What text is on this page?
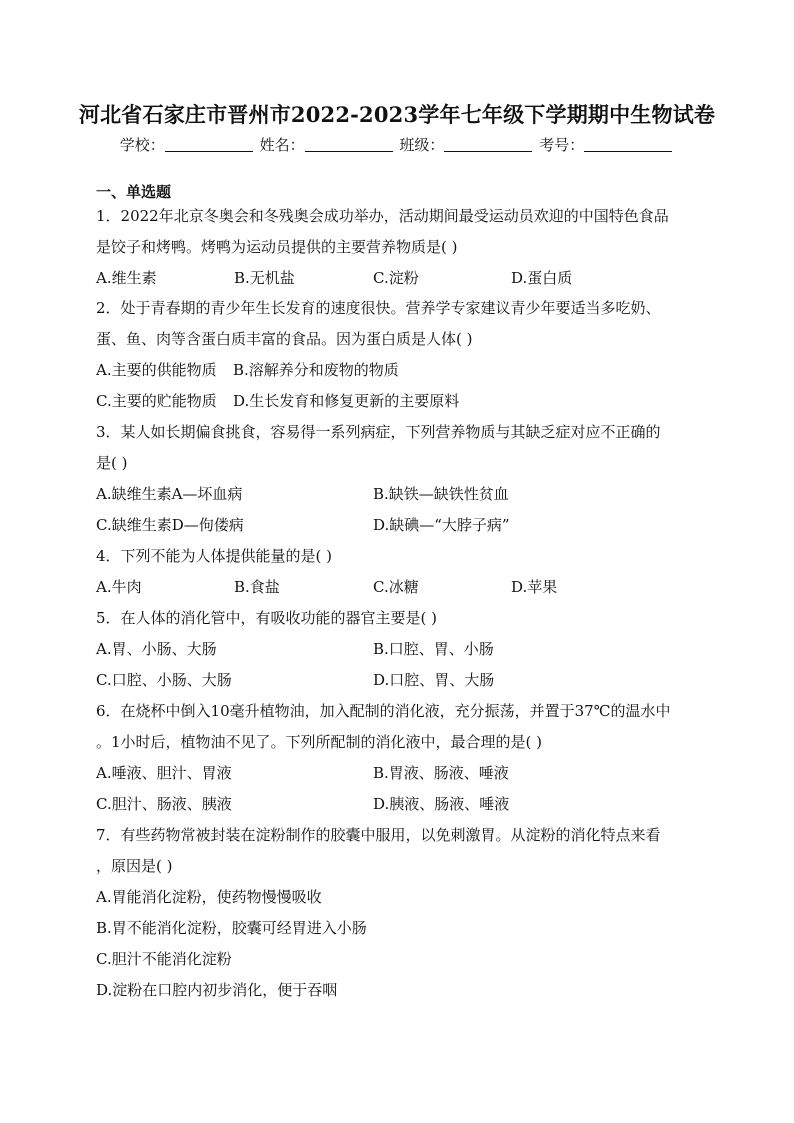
河北省石家庄市晋州市2022-2023学年七年级下学期期中生物试卷
学校：	姓名：	班级：	考号：
一、单选题
1．2022年北京冬奥会和冬残奥会成功举办，活动期间最受运动员欢迎的中国特色食品
是饺子和烤鸭。烤鸭为运动员提供的主要营养物质是( )
A.维生素	B.无机盐	C.淀粉	D.蛋白质
2．处于青春期的青少年生长发育的速度很快。营养学专家建议青少年要适当多吃奶、
蛋、鱼、肉等含蛋白质丰富的食品。因为蛋白质是人体( )
A.主要的供能物质 B.溶解养分和废物的物质
C.主要的贮能物质 D.生长发育和修复更新的主要原料
3．某人如长期偏食挑食，容易得一系列病症，下列营养物质与其缺乏症对应不正确的
是( )
A.缺维生素A—坏血病	B.缺铁—缺铁性贫血
C.缺维生素D—佝偻病	D.缺碘—“大脖子病”
4．下列不能为人体提供能量的是( )
A.牛肉	B.食盐	C.冰糖	D.苹果
5．在人体的消化管中，有吸收功能的器官主要是( )
A.胃、小肠、大肠	B.口腔、胃、小肠
C.口腔、小肠、大肠	D.口腔、胃、大肠
6．在烧杯中倒入10毫升植物油，加入配制的消化液，充分振荡，并置于37℃的温水中
。1小时后，植物油不见了。下列所配制的消化液中，最合理的是( )
A.唾液、胆汁、胃液	B.胃液、肠液、唾液
C.胆汁、肠液、胰液	D.胰液、肠液、唾液
7．有些药物常被封装在淀粉制作的胶囊中服用，以免刺激胃。从淀粉的消化特点来看
，原因是( )
A.胃能消化淀粉，使药物慢慢吸收
B.胃不能消化淀粉，胶囊可经胃进入小肠
C.胆汁不能消化淀粉
D.淀粉在口腔内初步消化，便于吞咽
